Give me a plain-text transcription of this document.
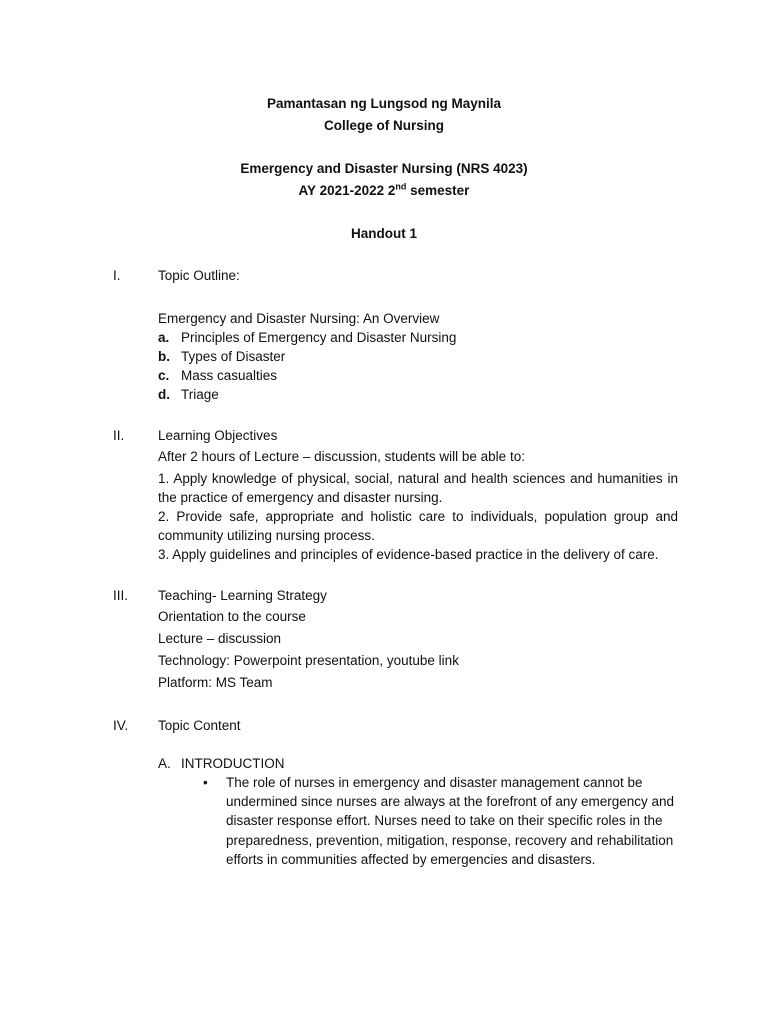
Pamantasan ng Lungsod ng Maynila
College of Nursing
Emergency and Disaster Nursing (NRS 4023)
AY 2021-2022 2nd semester
Handout 1
I.	Topic Outline:
Emergency and Disaster Nursing: An Overview
a. Principles of Emergency and Disaster Nursing
b. Types of Disaster
c. Mass casualties
d. Triage
II. Learning Objectives
After 2 hours of Lecture – discussion, students will be able to:
1. Apply knowledge of physical, social, natural and health sciences and humanities in the practice of emergency and disaster nursing.
2. Provide safe, appropriate and holistic care to individuals, population group and community utilizing nursing process.
3. Apply guidelines and principles of evidence-based practice in the delivery of care.
III. Teaching- Learning Strategy
Orientation to the course
Lecture – discussion
Technology: Powerpoint presentation, youtube link
Platform: MS Team
IV. Topic Content
A. INTRODUCTION
• The role of nurses in emergency and disaster management cannot be undermined since nurses are always at the forefront of any emergency and disaster response effort. Nurses need to take on their specific roles in the preparedness, prevention, mitigation, response, recovery and rehabilitation efforts in communities affected by emergencies and disasters.
